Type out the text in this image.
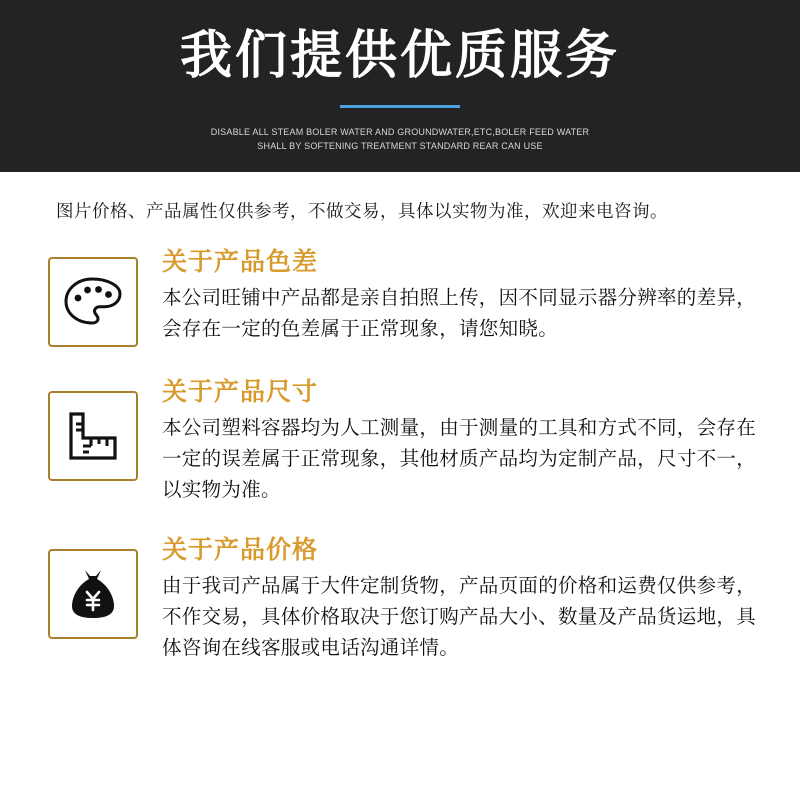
我们提供优质服务
DISABLE ALL STEAM BOLER WATER AND GROUNDWATER,ETC,BOLER FEED WATER
SHALL BY SOFTENING TREATMENT STANDARD REAR CAN USE
图片价格、产品属性仅供参考，不做交易，具体以实物为准，欢迎来电咨询。
关于产品色差
本公司旺铺中产品都是亲自拍照上传，因不同显示器分辨率的差异，会存在一定的色差属于正常现象，请您知晓。
关于产品尺寸
本公司塑料容器均为人工测量，由于测量的工具和方式不同，会存在一定的误差属于正常现象，其他材质产品均为定制产品，尺寸不一，以实物为准。
关于产品价格
由于我司产品属于大件定制货物，产品页面的价格和运费仅供参考，不作交易，具体价格取决于您订购产品大小、数量及产品货运地，具体咨询在线客服或电话沟通详情。
